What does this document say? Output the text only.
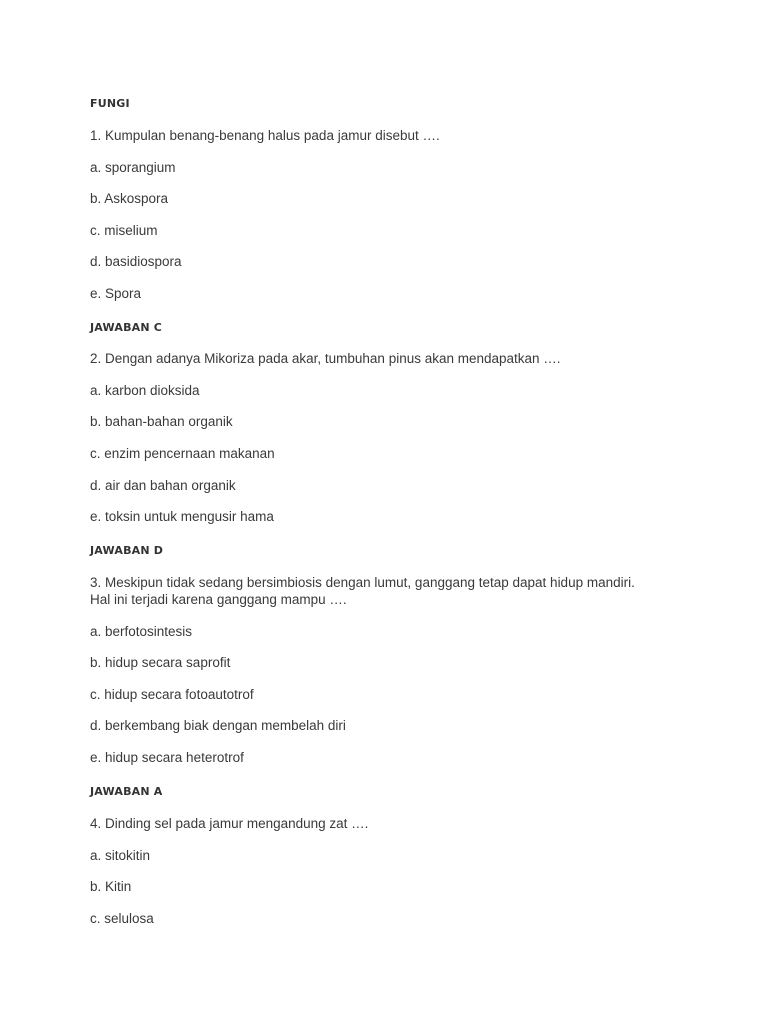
FUNGI
1. Kumpulan benang-benang halus pada jamur disebut ….
a. sporangium
b. Askospora
c. miselium
d. basidiospora
e. Spora
JAWABAN C
2. Dengan adanya Mikoriza pada akar, tumbuhan pinus akan mendapatkan ….
a. karbon dioksida
b. bahan-bahan organik
c. enzim pencernaan makanan
d. air dan bahan organik
e. toksin untuk mengusir hama
JAWABAN D
3. Meskipun tidak sedang bersimbiosis dengan lumut, ganggang tetap dapat hidup mandiri.
Hal ini terjadi karena ganggang mampu ….
a. berfotosintesis
b. hidup secara saprofit
c. hidup secara fotoautotrof
d. berkembang biak dengan membelah diri
e. hidup secara heterotrof
JAWABAN A
4. Dinding sel pada jamur mengandung zat ….
a. sitokitin
b. Kitin
c. selulosa
